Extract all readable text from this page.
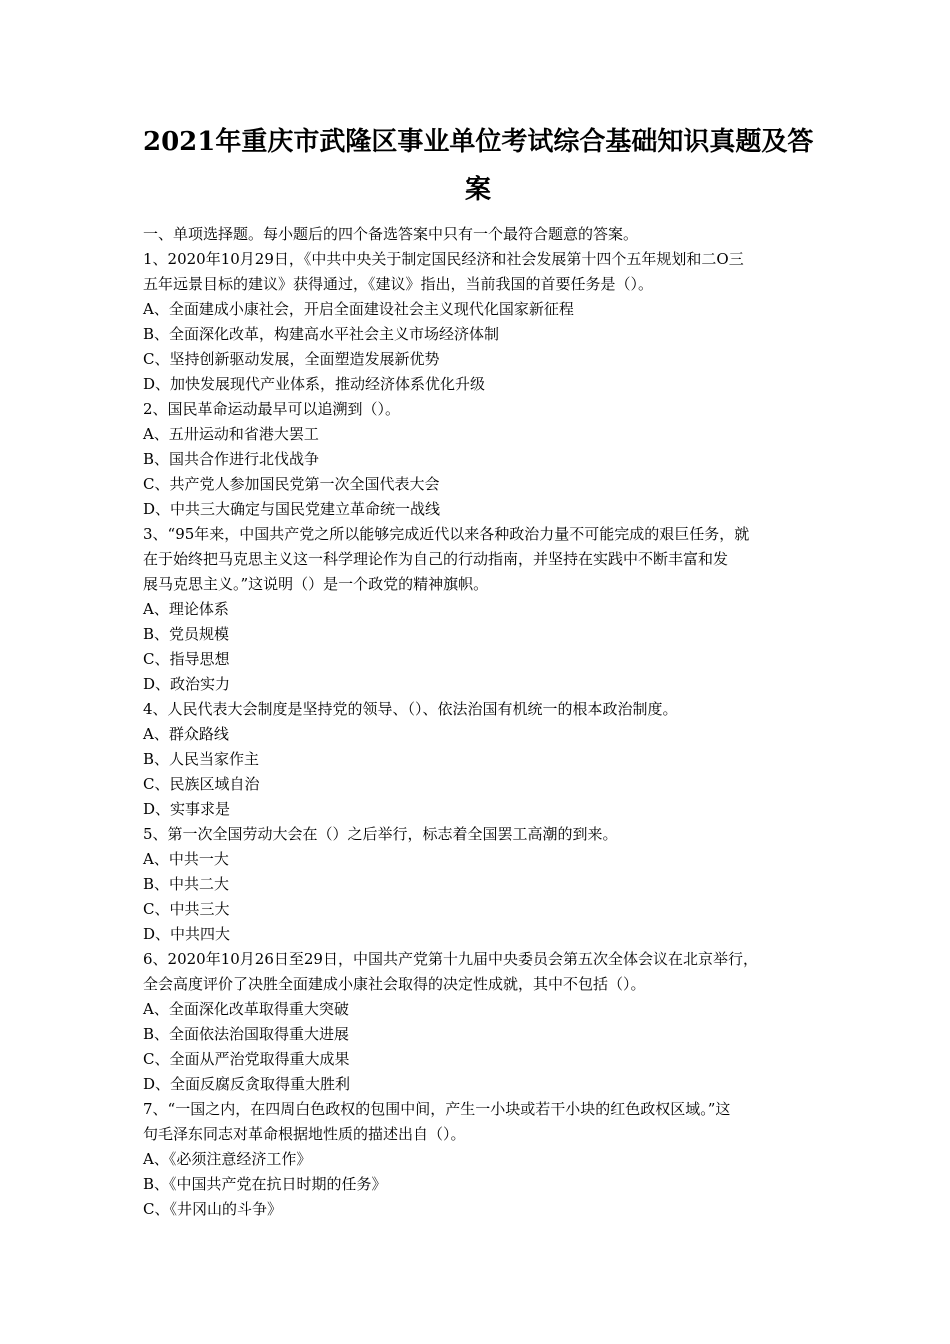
2021年重庆市武隆区事业单位考试综合基础知识真题及答
案
一、单项选择题。每小题后的四个备选答案中只有一个最符合题意的答案。
1、2020年10月29日，《中共中央关于制定国民经济和社会发展第十四个五年规划和二O三
五年远景目标的建议》获得通过，《建议》指出，当前我国的首要任务是（）。
A、全面建成小康社会，开启全面建设社会主义现代化国家新征程
B、全面深化改革，构建高水平社会主义市场经济体制
C、坚持创新驱动发展，全面塑造发展新优势
D、加快发展现代产业体系，推动经济体系优化升级
2、国民革命运动最早可以追溯到（）。
A、五卅运动和省港大罢工
B、国共合作进行北伐战争
C、共产党人参加国民党第一次全国代表大会
D、中共三大确定与国民党建立革命统一战线
3、“95年来，中国共产党之所以能够完成近代以来各种政治力量不可能完成的艰巨任务，就
在于始终把马克思主义这一科学理论作为自己的行动指南，并坚持在实践中不断丰富和发
展马克思主义。”这说明（）是一个政党的精神旗帜。
A、理论体系
B、党员规模
C、指导思想
D、政治实力
4、人民代表大会制度是坚持党的领导、（）、依法治国有机统一的根本政治制度。
A、群众路线
B、人民当家作主
C、民族区域自治
D、实事求是
5、第一次全国劳动大会在（）之后举行，标志着全国罢工高潮的到来。
A、中共一大
B、中共二大
C、中共三大
D、中共四大
6、2020年10月26日至29日，中国共产党第十九届中央委员会第五次全体会议在北京举行，
全会高度评价了决胜全面建成小康社会取得的决定性成就，其中不包括（）。
A、全面深化改革取得重大突破
B、全面依法治国取得重大进展
C、全面从严治党取得重大成果
D、全面反腐反贪取得重大胜利
7、“一国之内，在四周白色政权的包围中间，产生一小块或若干小块的红色政权区域。”这
句毛泽东同志对革命根据地性质的描述出自（）。
A、《必须注意经济工作》
B、《中国共产党在抗日时期的任务》
C、《井冈山的斗争》
